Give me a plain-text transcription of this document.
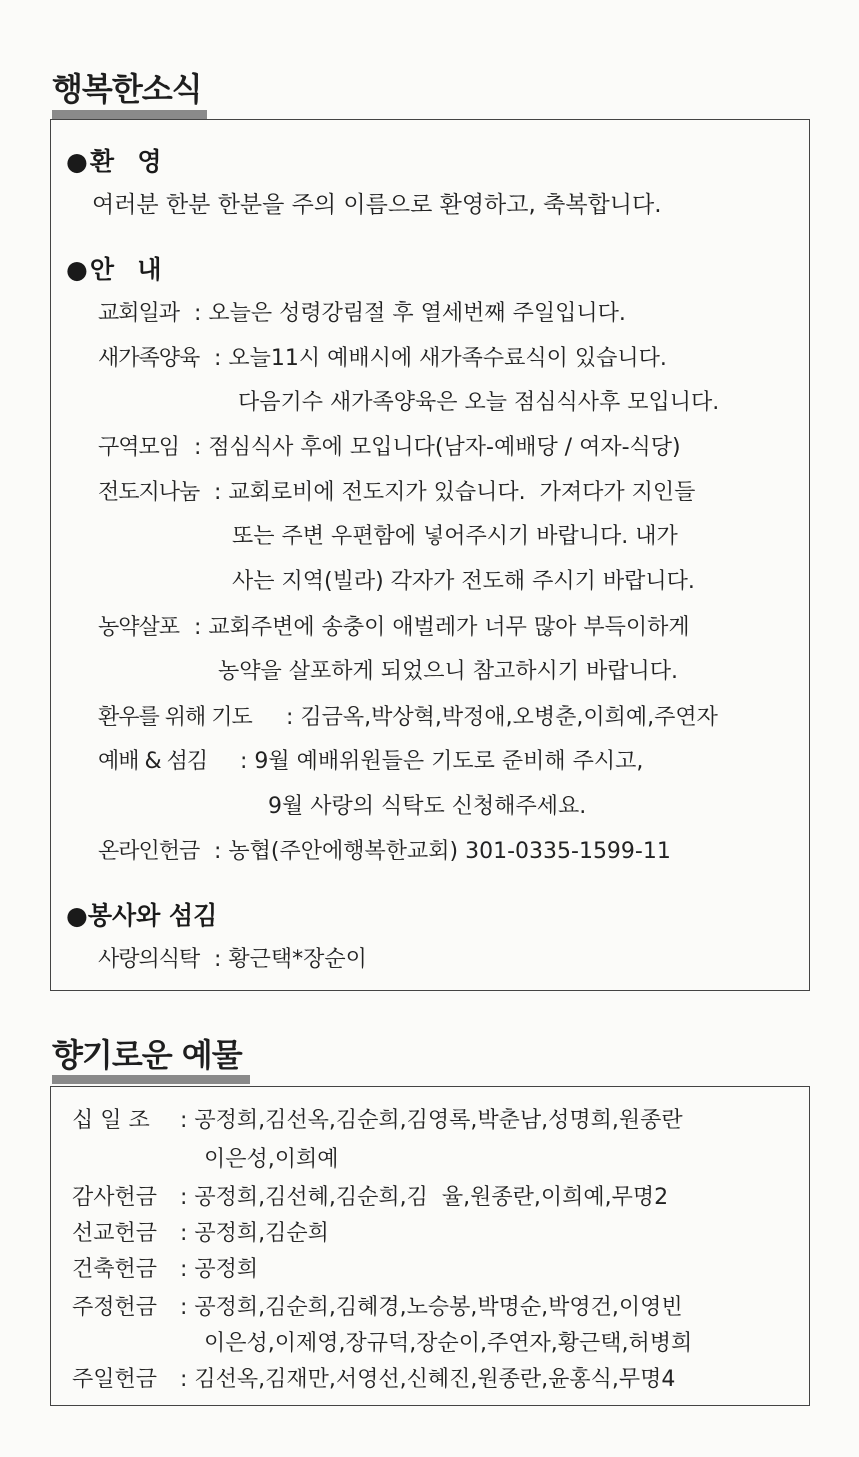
행복한소식
●환  영
여러분 한분 한분을 주의 이름으로 환영하고, 축복합니다.
●안  내
교회일과 : 오늘은 성령강림절 후 열세번째 주일입니다.
새가족양육 : 오늘11시 예배시에 새가족수료식이 있습니다.
다음기수 새가족양육은 오늘 점심식사후 모입니다.
구역모임 : 점심식사 후에 모입니다(남자-예배당 / 여자-식당)
전도지나눔 : 교회로비에 전도지가 있습니다.  가져다가 지인들
또는 주변 우편함에 넣어주시기 바랍니다. 내가
사는 지역(빌라) 각자가 전도해 주시기 바랍니다.
농약살포 : 교회주변에 송충이 애벌레가 너무 많아 부득이하게
농약을 살포하게 되었으니 참고하시기 바랍니다.
환우를 위해 기도 : 김금옥,박상혁,박정애,오병춘,이희예,주연자
예배 & 섬김 : 9월 예배위원들은 기도로 준비해 주시고,
9월 사랑의 식탁도 신청해주세요.
온라인헌금 : 농협(주안에행복한교회) 301-0335-1599-11
●봉사와 섬김
사랑의식탁 : 황근택*장순이
향기로운 예물
십 일 조 : 공정희,김선옥,김순희,김영록,박춘남,성명희,원종란
이은성,이희예
감사헌금 : 공정희,김선혜,김순희,김  율,원종란,이희예,무명2
선교헌금 : 공정희,김순희
건축헌금 : 공정희
주정헌금 : 공정희,김순희,김혜경,노승봉,박명순,박영건,이영빈
이은성,이제영,장규덕,장순이,주연자,황근택,허병희
주일헌금 : 김선옥,김재만,서영선,신혜진,원종란,윤홍식,무명4
